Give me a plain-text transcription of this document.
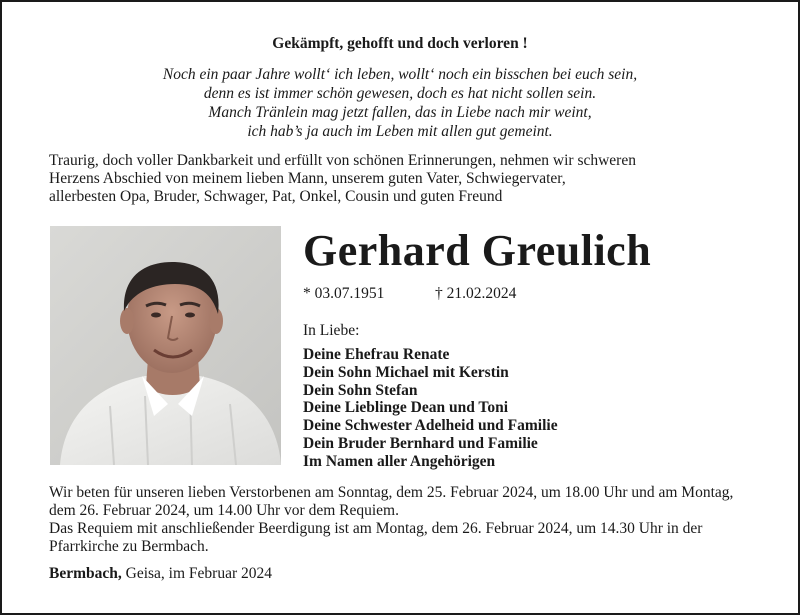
Gekämpft, gehofft und doch verloren !
Noch ein paar Jahre wollt‘ ich leben, wollt‘ noch ein bisschen bei euch sein,
denn es ist immer schön gewesen, doch es hat nicht sollen sein.
Manch Tränlein mag jetzt fallen, das in Liebe nach mir weint,
ich hab’s ja auch im Leben mit allen gut gemeint.
Traurig, doch voller Dankbarkeit und erfüllt von schönen Erinnerungen, nehmen wir schweren
Herzens Abschied von meinem lieben Mann, unserem guten Vater, Schwiegervater,
allerbesten Opa, Bruder, Schwager, Pat, Onkel, Cousin und guten Freund
Gerhard Greulich
* 03.07.1951	† 21.02.2024
In Liebe:
Deine Ehefrau Renate
Dein Sohn Michael mit Kerstin
Dein Sohn Stefan
Deine Lieblinge Dean und Toni
Deine Schwester Adelheid und Familie
Dein Bruder Bernhard und Familie
Im Namen aller Angehörigen

Wir beten für unseren lieben Verstorbenen am Sonntag, dem 25. Februar 2024, um 18.00 Uhr und am Montag, dem 26. Februar 2024, um 14.00 Uhr vor dem Requiem.

Das Requiem mit anschließender Beerdigung ist am Montag, dem 26. Februar 2024, um 14.30 Uhr in der Pfarrkirche zu Bermbach.

Bermbach, Geisa, im Februar 2024
